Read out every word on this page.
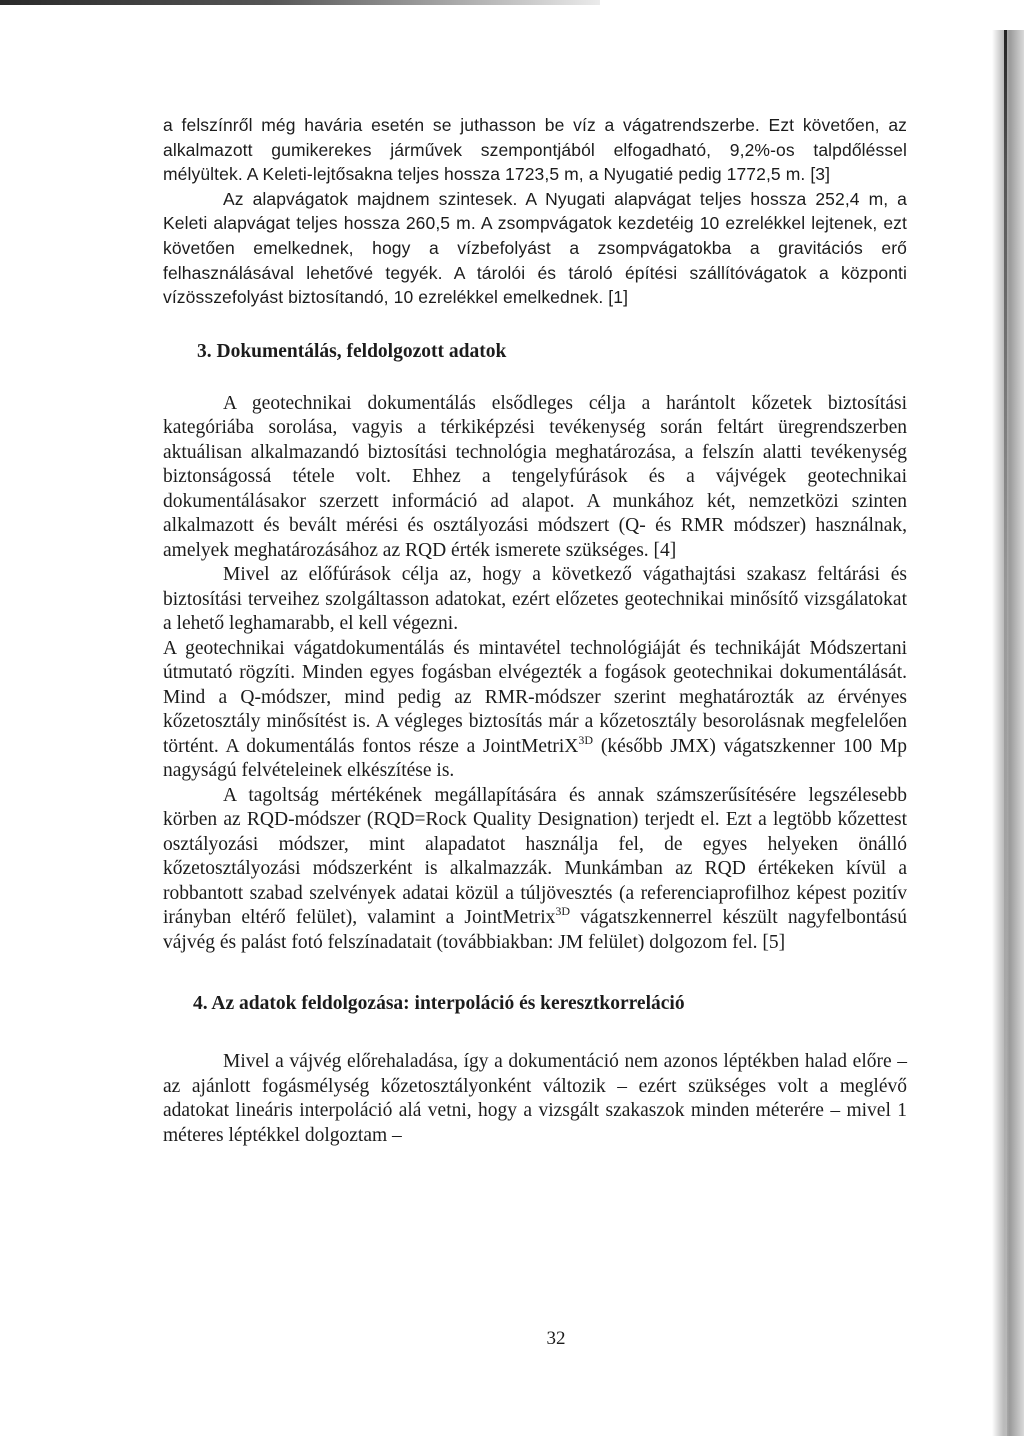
a felszínről még havária esetén se juthasson be víz a vágatrendszerbe. Ezt követően, az alkalmazott gumikerekes járművek szempontjából elfogadható, 9,2%-os talpdőléssel mélyültek. A Keleti-lejtősakna teljes hossza 1723,5 m, a Nyugatié pedig 1772,5 m. [3]

Az alapvágatok majdnem szintesek. A Nyugati alapvágat teljes hossza 252,4 m, a Keleti alapvágat teljes hossza 260,5 m. A zsompvágatok kezdetéig 10 ezrelékkel lejtenek, ezt követően emelkednek, hogy a vízbefolyást a zsompvágatokba a gravitációs erő felhasználásával lehetővé tegyék. A tárolói és tároló építési szállítóvágatok a központi vízösszefolyást biztosítandó, 10 ezrelékkel emelkednek. [1]

3. Dokumentálás, feldolgozott adatok

A geotechnikai dokumentálás elsődleges célja a harántolt kőzetek biztosítási kategóriába sorolása, vagyis a térkiképzési tevékenység során feltárt üregrendszerben aktuálisan alkalmazandó biztosítási technológia meghatározása, a felszín alatti tevékenység biztonságossá tétele volt. Ehhez a tengelyfúrások és a vájvégek geotechnikai dokumentálásakor szerzett információ ad alapot. A munkához két, nemzetközi szinten alkalmazott és bevált mérési és osztályozási módszert (Q- és RMR módszer) használnak, amelyek meghatározásához az RQD érték ismerete szükséges. [4]

Mivel az előfúrások célja az, hogy a következő vágathajtási szakasz feltárási és biztosítási terveihez szolgáltasson adatokat, ezért előzetes geotechnikai minősítő vizsgálatokat a lehető leghamarabb, el kell végezni.

A geotechnikai vágatdokumentálás és mintavétel technológiáját és technikáját Módszertani útmutató rögzíti. Minden egyes fogásban elvégezték a fogások geotechnikai dokumentálását. Mind a Q-módszer, mind pedig az RMR-módszer szerint meghatározták az érvényes kőzetosztály minősítést is. A végleges biztosítás már a kőzetosztály besorolásnak megfelelően történt. A dokumentálás fontos része a JointMetriX$^{3D}$ (később JMX) vágatszkenner 100 Mp nagyságú felvételeinek elkészítése is.

A tagoltság mértékének megállapítására és annak számszerűsítésére legszélesebb körben az RQD-módszer (RQD=Rock Quality Designation) terjedt el. Ezt a legtöbb kőzettest osztályozási módszer, mint alapadatot használja fel, de egyes helyeken önálló kőzetosztályozási módszerként is alkalmazzák. Munkámban az RQD értékeken kívül a robbantott szabad szelvények adatai közül a túljövesztés (a referenciaprofilhoz képest pozitív irányban eltérő felület), valamint a JointMetrix$^{3D}$ vágatszkennerrel készült nagyfelbontású vájvég és palást fotó felszínadatait (továbbiakban: JM felület) dolgozom fel. [5]

4. Az adatok feldolgozása: interpoláció és keresztkorreláció

Mivel a vájvég előrehaladása, így a dokumentáció nem azonos léptékben halad előre – az ajánlott fogásmélység kőzetosztályonként változik – ezért szükséges volt a meglévő adatokat lineáris interpoláció alá vetni, hogy a vizsgált szakaszok minden méterére – mivel 1 méteres léptékkel dolgoztam –

32
